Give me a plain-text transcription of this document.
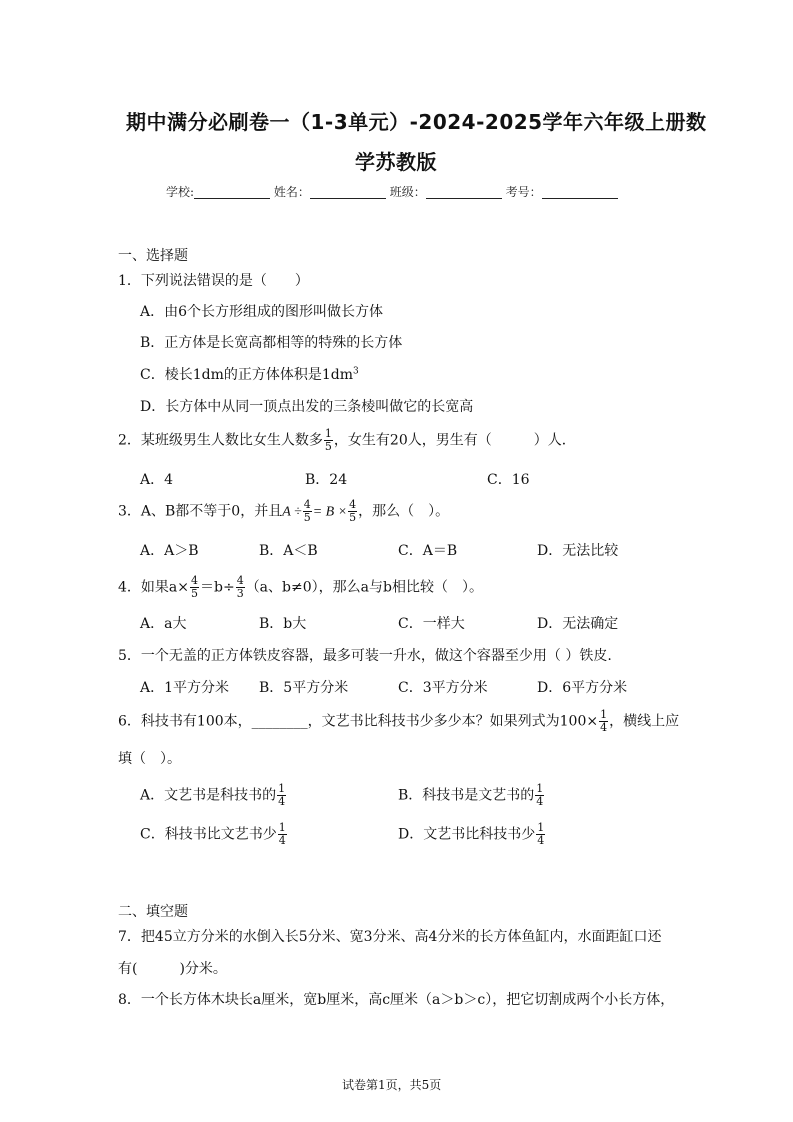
期中满分必刷卷一（1-3单元）-2024-2025学年六年级上册数
学苏教版
学校:	姓名：	班级：	考号：
一、选择题
1．下列说法错误的是（　　）
A．由6个长方形组成的图形叫做长方体
B．正方体是长宽高都相等的特殊的长方体
C．棱长1dm的正方体体积是$1dm^3$
D．长方体中从同一顶点出发的三条棱叫做它的长宽高
2．某班级男生人数比女生人数多 $\frac{1}{5}$ ，女生有20人，男生有（　　　）人．
A．4	B．24	C．16
3．A、B都不等于0，并且$A \div \frac{4}{5} = B \times \frac{4}{5}$ ，那么（　）。
A．A＞B	B．A＜B	C．A＝B	D．无法比较
4．如果$a\times \frac{4}{5} =b\div \frac{4}{3} (a$、b≠0），那么a与b相比较（　）。
A．a大	B．b大	C．一样大	D．无法确定
5．一个无盖的正方体铁皮容器，最多可装一升水，做这个容器至少用（ ）铁皮.
A．1平方分米 B．5平方分米	C．3平方分米	D．6平方分米
6．科技书有100本，________，文艺书比科技书少多少本？如果列式为$100\times \frac{1}{4}$ ，横线上应
填（　）。
A．文艺书是科技书的 $\frac{1}{4}$	B．科技书是文艺书的 $\frac{1}{4}$
C．科技书比文艺书少 $\frac{1}{4}$	D．文艺书比科技书少 $\frac{1}{4}$
二、填空题
7．把45立方分米的水倒入长5分米、宽3分米、高4分米的长方体鱼缸内，水面距缸口还
有(　　　)分米。
8．一个长方体木块长a厘米，宽b厘米，高c厘米（a＞b＞c），把它切割成两个小长方体，
试卷第1页，共5页
